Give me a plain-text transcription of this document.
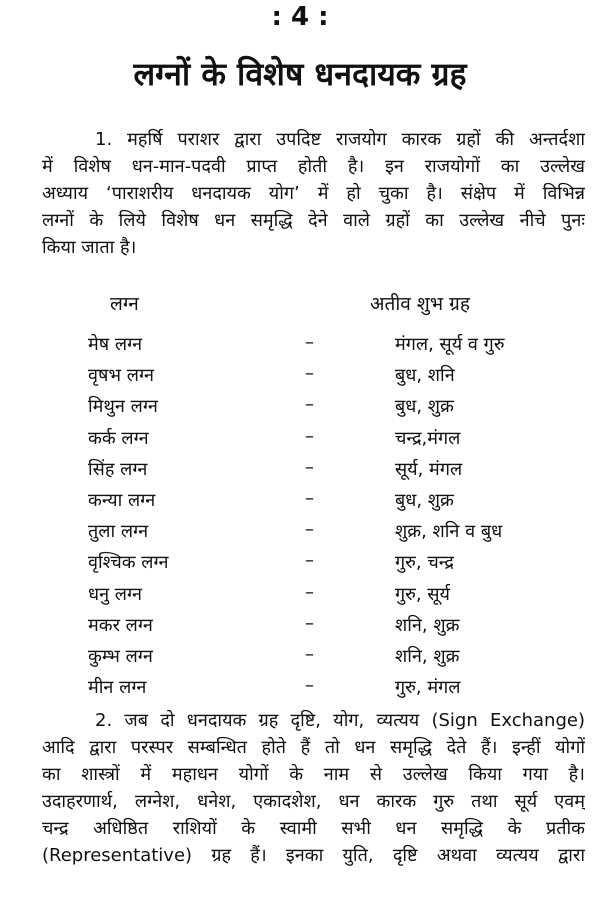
: 4 :
लग्नों के विशेष धनदायक ग्रह
1. महर्षि पराशर द्वारा उपदिष्ट राजयोग कारक ग्रहों की अन्तर्दशा
में विशेष धन-मान-पदवी प्राप्त होती है। इन राजयोगों का उल्लेख
अध्याय ‘पाराशरीय धनदायक योग’ में हो चुका है। संक्षेप में विभिन्न
लग्नों के लिये विशेष धन समृद्धि देने वाले ग्रहों का उल्लेख नीचे पुनः
किया जाता है।
लग्न	अतीव शुभ ग्रह
मेष लग्न	–	मंगल, सूर्य व गुरु
वृषभ लग्न	–	बुध, शनि
मिथुन लग्न	–	बुध, शुक्र
कर्क लग्न	–	चन्द्र,मंगल
सिंह लग्न	–	सूर्य, मंगल
कन्या लग्न	–	बुध, शुक्र
तुला लग्न	–	शुक्र, शनि व बुध
वृश्चिक लग्न	–	गुरु, चन्द्र
धनु लग्न	–	गुरु, सूर्य
मकर लग्न	–	शनि, शुक्र
कुम्भ लग्न	–	शनि, शुक्र
मीन लग्न	–	गुरु, मंगल
2. जब दो धनदायक ग्रह दृष्टि, योग, व्यत्यय (Sign Exchange)
आदि द्वारा परस्पर सम्बन्धित होते हैं तो धन समृद्धि देते हैं। इन्हीं योगों
का शास्त्रों में महाधन योगों के नाम से उल्लेख किया गया है।
उदाहरणार्थ, लग्नेश, धनेश, एकादशेश, धन कारक गुरु तथा सूर्य एवम्
चन्द्र अधिष्ठित राशियों के स्वामी सभी धन समृद्धि के प्रतीक
(Representative) ग्रह हैं। इनका युति, दृष्टि अथवा व्यत्यय द्वारा
